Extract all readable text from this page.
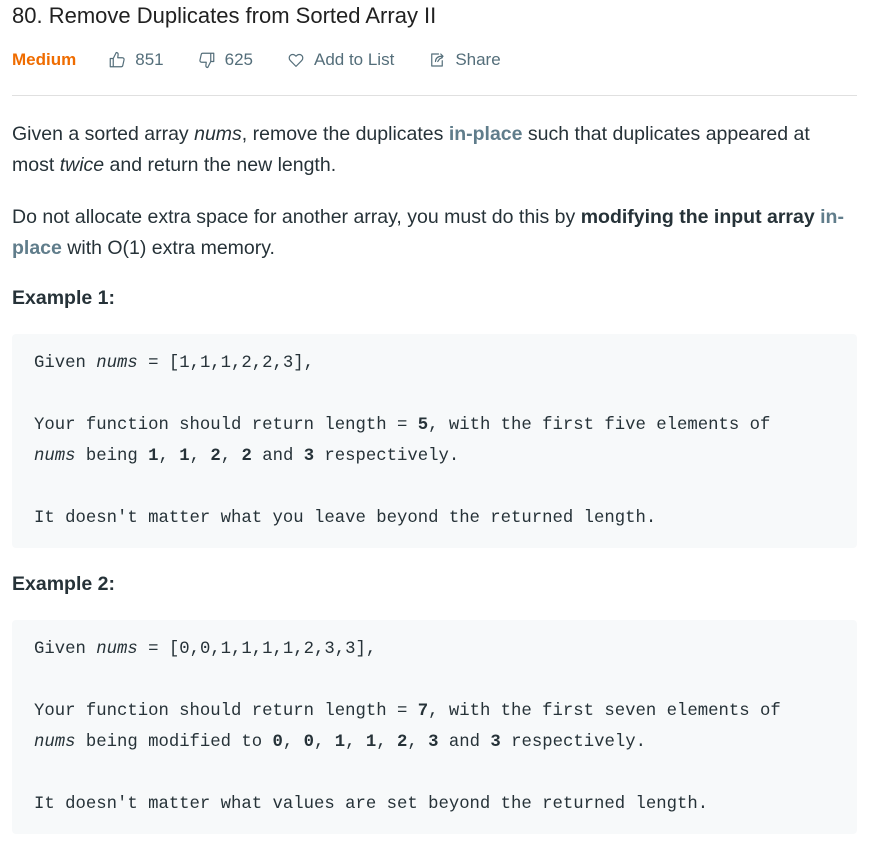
80. Remove Duplicates from Sorted Array II
Medium	851	625	Add to List	Share

Given a sorted array nums, remove the duplicates in-place such that duplicates appeared at most twice and return the new length.

Do not allocate extra space for another array, you must do this by modifying the input array in-place with O(1) extra memory.

Example 1:
Given nums = [1,1,1,2,2,3],
Your function should return length = 5, with the first five elements of
nums being 1, 1, 2, 2 and 3 respectively.
It doesn't matter what you leave beyond the returned length.
Example 2:
Given nums = [0,0,1,1,1,1,2,3,3],
Your function should return length = 7, with the first seven elements of
nums being modified to 0, 0, 1, 1, 2, 3 and 3 respectively.
It doesn't matter what values are set beyond the returned length.
